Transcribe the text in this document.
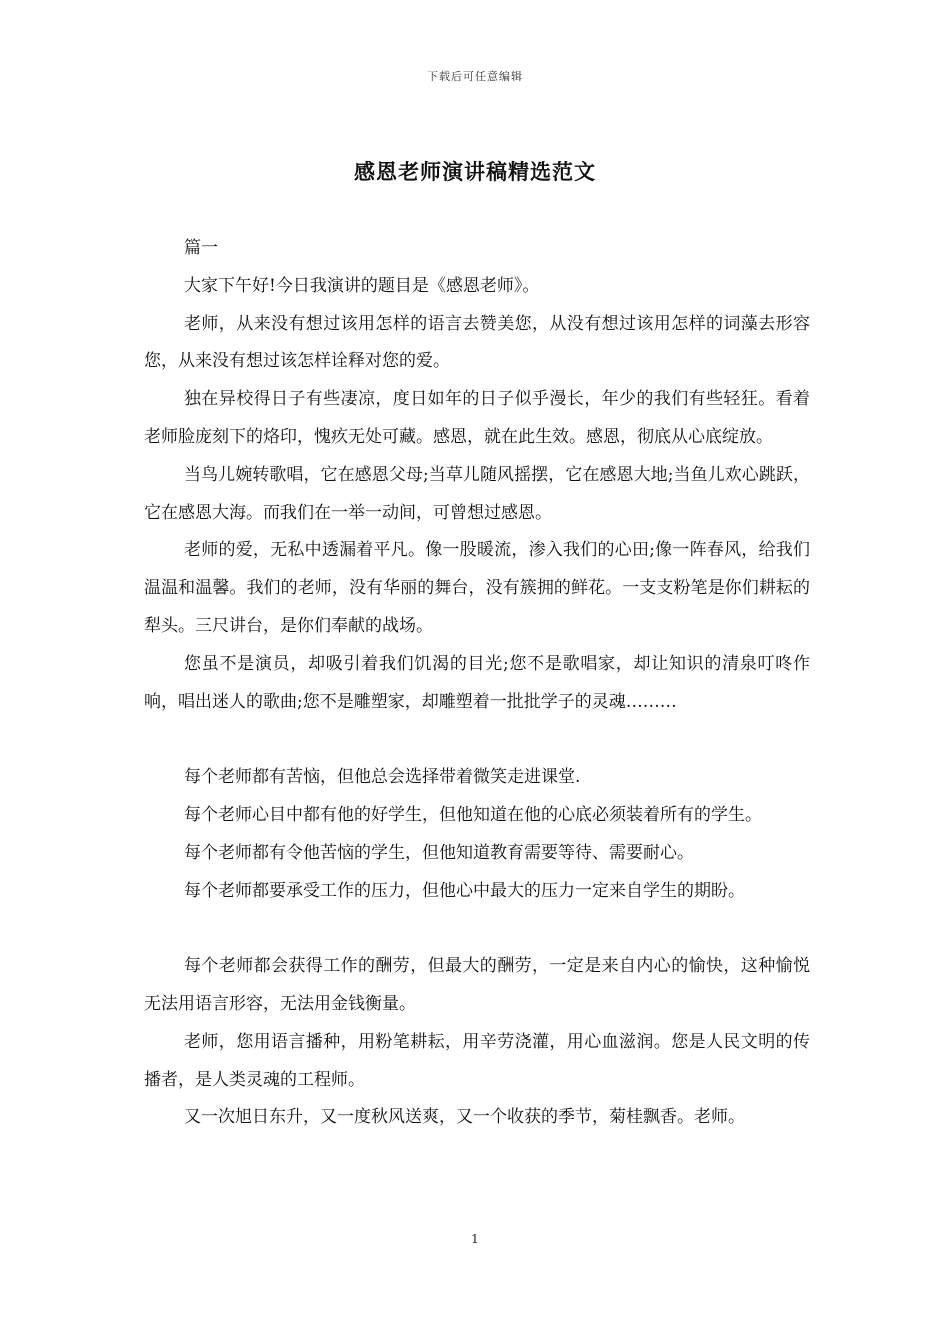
下载后可任意编辑
感恩老师演讲稿精选范文

篇一

大家下午好!今日我演讲的题目是《感恩老师》。

老师，从来没有想过该用怎样的语言去赞美您，从没有想过该用怎样的词藻去形容您，从来没有想过该怎样诠释对您的爱。

独在异校得日子有些凄凉，度日如年的日子似乎漫长，年少的我们有些轻狂。看着老师脸庞刻下的烙印，愧疚无处可藏。感恩，就在此生效。感恩，彻底从心底绽放。

当鸟儿婉转歌唱，它在感恩父母;当草儿随风摇摆，它在感恩大地;当鱼儿欢心跳跃，它在感恩大海。而我们在一举一动间，可曾想过感恩。

老师的爱，无私中透漏着平凡。像一股暖流，渗入我们的心田;像一阵春风，给我们温温和温馨。我们的老师，没有华丽的舞台，没有簇拥的鲜花。一支支粉笔是你们耕耘的犁头。三尺讲台，是你们奉献的战场。

您虽不是演员，却吸引着我们饥渴的目光;您不是歌唱家，却让知识的清泉叮咚作响，唱出迷人的歌曲;您不是雕塑家，却雕塑着一批批学子的灵魂………

每个老师都有苦恼，但他总会选择带着微笑走进课堂.

每个老师心目中都有他的好学生，但他知道在他的心底必须装着所有的学生。

每个老师都有令他苦恼的学生，但他知道教育需要等待、需要耐心。

每个老师都要承受工作的压力，但他心中最大的压力一定来自学生的期盼。

每个老师都会获得工作的酬劳，但最大的酬劳，一定是来自内心的愉快，这种愉悦无法用语言形容，无法用金钱衡量。

老师，您用语言播种，用粉笔耕耘，用辛劳浇灌，用心血滋润。您是人民文明的传播者，是人类灵魂的工程师。

又一次旭日东升，又一度秋风送爽，又一个收获的季节，菊桂飘香。老师。

1
